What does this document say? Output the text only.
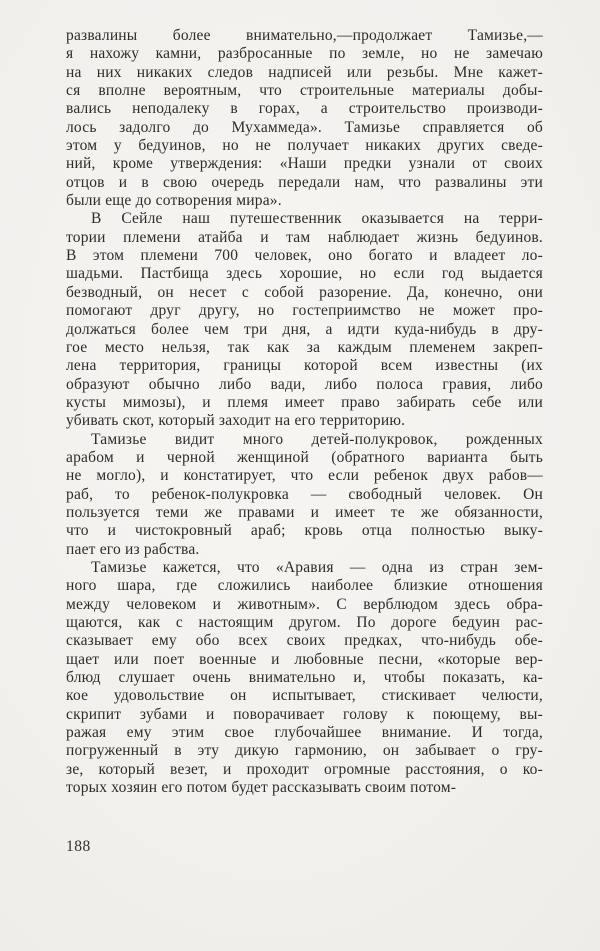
развалины более внимательно,—продолжает Тамизье,—
я нахожу камни, разбросанные по земле, но не замечаю
на них никаких следов надписей или резьбы. Мне кажет-
ся вполне вероятным, что строительные материалы добы-
вались неподалеку в горах, а строительство производи-
лось задолго до Мухаммеда». Тамизье справляется об
этом у бедуинов, но не получает никаких других сведе-
ний, кроме утверждения: «Наши предки узнали от своих
отцов и в свою очередь передали нам, что развалины эти
были еще до сотворения мира».
В Сейле наш путешественник оказывается на терри-
тории племени атайба и там наблюдает жизнь бедуинов.
В этом племени 700 человек, оно богато и владеет ло-
шадьми. Пастбища здесь хорошие, но если год выдается
безводный, он несет с собой разорение. Да, конечно, они
помогают друг другу, но гостеприимство не может про-
должаться более чем три дня, а идти куда-нибудь в дру-
гое место нельзя, так как за каждым племенем закреп-
лена территория, границы которой всем известны (их
образуют обычно либо вади, либо полоса гравия, либо
кусты мимозы), и племя имеет право забирать себе или
убивать скот, который заходит на его территорию.
Тамизье видит много детей-полукровок, рожденных
арабом и черной женщиной (обратного варианта быть
не могло), и констатирует, что если ребенок двух рабов—
раб, то ребенок-полукровка — свободный человек. Он
пользуется теми же правами и имеет те же обязанности,
что и чистокровный араб; кровь отца полностью выку-
пает его из рабства.
Тамизье кажется, что «Аравия — одна из стран зем-
ного шара, где сложились наиболее близкие отношения
между человеком и животным». С верблюдом здесь обра-
щаются, как с настоящим другом. По дороге бедуин рас-
сказывает ему обо всех своих предках, что-нибудь обе-
щает или поет военные и любовные песни, «которые вер-
блюд слушает очень внимательно и, чтобы показать, ка-
кое удовольствие он испытывает, стискивает челюсти,
скрипит зубами и поворачивает голову к поющему, вы-
ражая ему этим свое глубочайшее внимание. И тогда,
погруженный в эту дикую гармонию, он забывает о гру-
зе, который везет, и проходит огромные расстояния, о ко-
торых хозяин его потом будет рассказывать своим потом-
188
